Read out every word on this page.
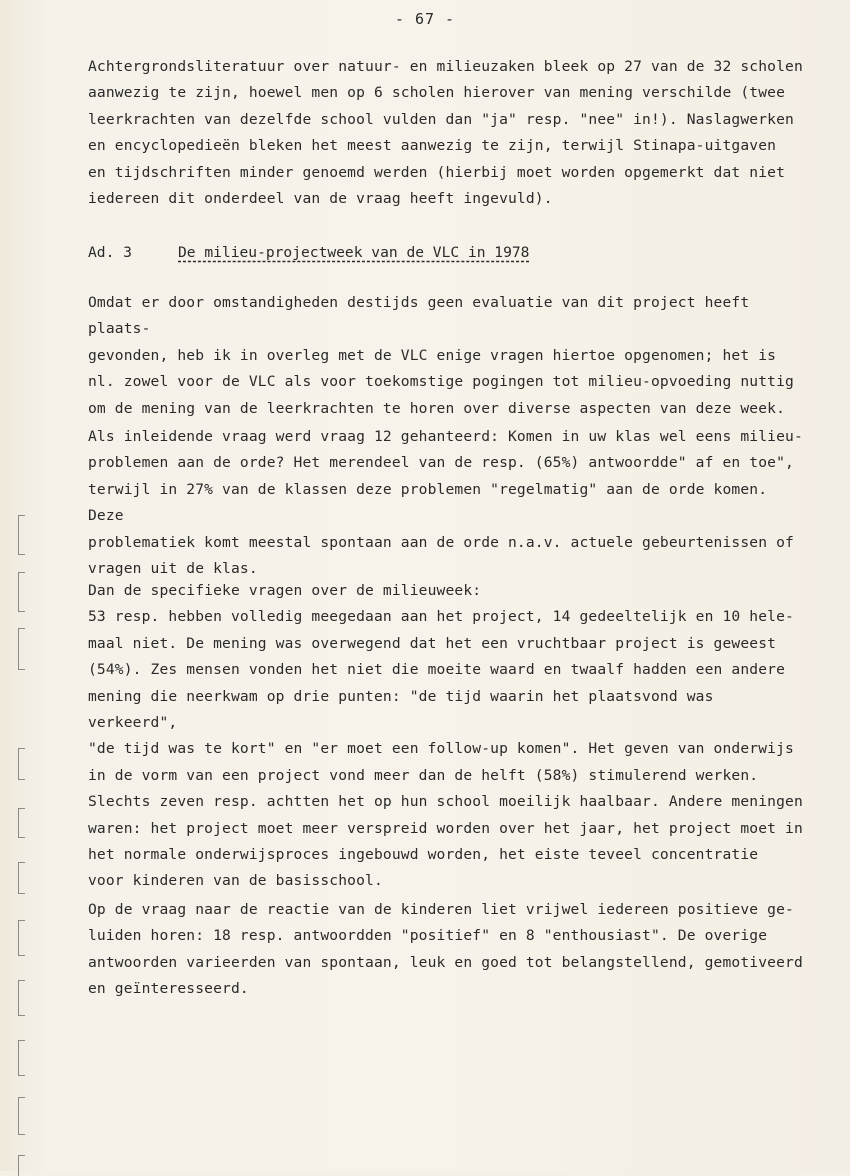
- 67 -

Achtergrondsliteratuur over natuur- en milieuzaken bleek op 27 van de 32 scholen
aanwezig te zijn, hoewel men op 6 scholen hierover van mening verschilde (twee
leerkrachten van dezelfde school vulden dan "ja" resp. "nee" in!). Naslagwerken
en encyclopedieën bleken het meest aanwezig te zijn, terwijl Stinapa-uitgaven
en tijdschriften minder genoemd werden (hierbij moet worden opgemerkt dat niet
iedereen dit onderdeel van de vraag heeft ingevuld).

Ad. 3	De milieu-projectweek van de VLC in 1978

Omdat er door omstandigheden destijds geen evaluatie van dit project heeft plaats-
gevonden, heb ik in overleg met de VLC enige vragen hiertoe opgenomen; het is
nl. zowel voor de VLC als voor toekomstige pogingen tot milieu-opvoeding nuttig
om de mening van de leerkrachten te horen over diverse aspecten van deze week.

Als inleidende vraag werd vraag 12 gehanteerd: Komen in uw klas wel eens milieu-
problemen aan de orde? Het merendeel van de resp. (65%) antwoordde" af en toe",
terwijl in 27% van de klassen deze problemen "regelmatig" aan de orde komen. Deze
problematiek komt meestal spontaan aan de orde n.a.v. actuele gebeurtenissen of
vragen uit de klas.

Dan de specifieke vragen over de milieuweek:
53 resp. hebben volledig meegedaan aan het project, 14 gedeeltelijk en 10 hele-
maal niet. De mening was overwegend dat het een vruchtbaar project is geweest
(54%). Zes mensen vonden het niet die moeite waard en twaalf hadden een andere
mening die neerkwam op drie punten: "de tijd waarin het plaatsvond was verkeerd",
"de tijd was te kort" en "er moet een follow-up komen". Het geven van onderwijs
in de vorm van een project vond meer dan de helft (58%) stimulerend werken.
Slechts zeven resp. achtten het op hun school moeilijk haalbaar. Andere meningen
waren: het project moet meer verspreid worden over het jaar, het project moet in
het normale onderwijsproces ingebouwd worden, het eiste teveel concentratie
voor kinderen van de basisschool.

Op de vraag naar de reactie van de kinderen liet vrijwel iedereen positieve ge-
luiden horen: 18 resp. antwoordden "positief" en 8 "enthousiast". De overige
antwoorden varieerden van spontaan, leuk en goed tot belangstellend, gemotiveerd
en geïnteresseerd.
